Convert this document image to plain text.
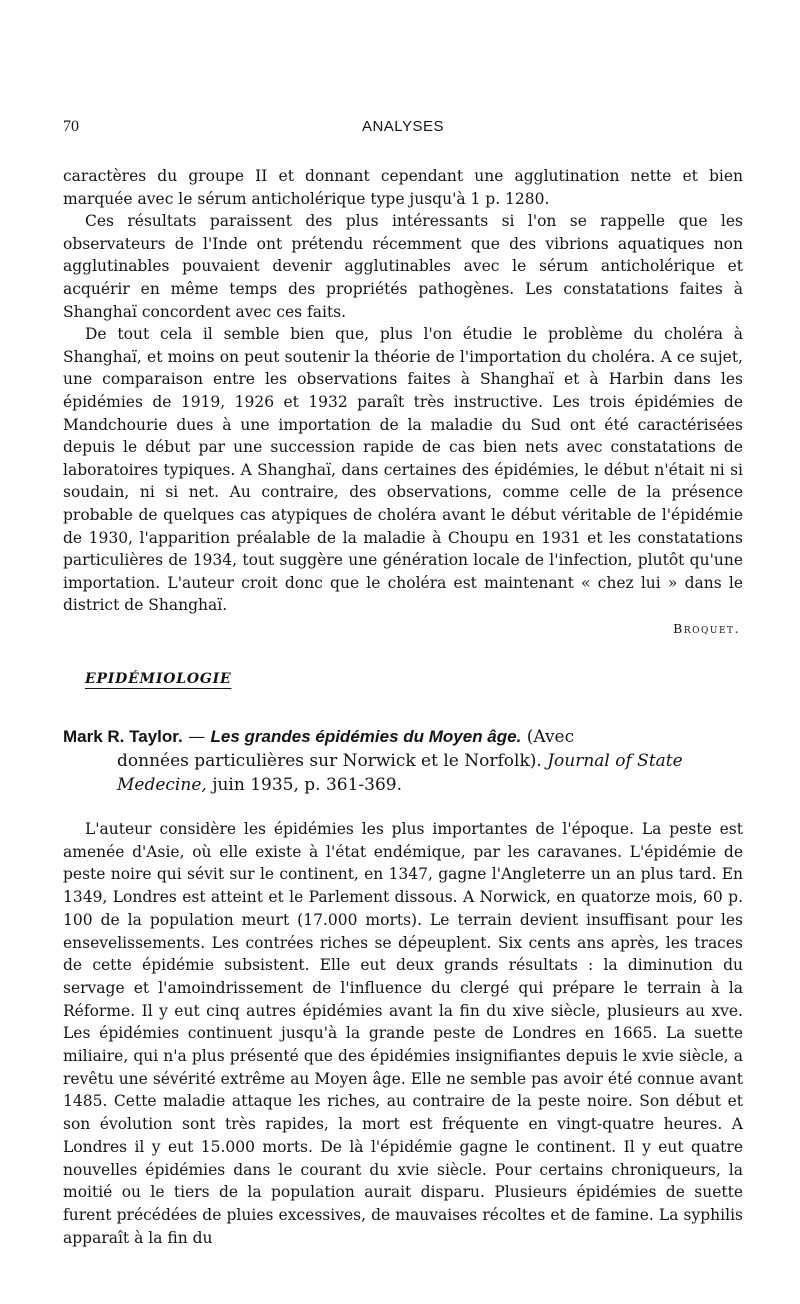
70	ANALYSES

caractères du groupe II et donnant cependant une agglutination nette et bien marquée avec le sérum anticholérique type jusqu'à 1 p. 1280.

Ces résultats paraissent des plus intéressants si l'on se rappelle que les observateurs de l'Inde ont prétendu récemment que des vibrions aquatiques non agglutinables pouvaient devenir agglutinables avec le sérum anticholérique et acquérir en même temps des propriétés pathogènes. Les constatations faites à Shanghaï concordent avec ces faits.

De tout cela il semble bien que, plus l'on étudie le problème du choléra à Shanghaï, et moins on peut soutenir la théorie de l'importation du choléra. A ce sujet, une comparaison entre les observations faites à Shanghaï et à Harbin dans les épidémies de 1919, 1926 et 1932 paraît très instructive. Les trois épidémies de Mandchourie dues à une importation de la maladie du Sud ont été caractérisées depuis le début par une succession rapide de cas bien nets avec constatations de laboratoires typiques. A Shanghaï, dans certaines des épidémies, le début n'était ni si soudain, ni si net. Au contraire, des observations, comme celle de la présence probable de quelques cas atypiques de choléra avant le début véritable de l'épidémie de 1930, l'apparition préalable de la maladie à Choupu en 1931 et les constatations particulières de 1934, tout suggère une génération locale de l'infection, plutôt qu'une importation. L'auteur croit donc que le choléra est maintenant « chez lui » dans le district de Shanghaï.

Broquet.
EPIDÉMIOLOGIE
Mark R. Taylor. — Les grandes épidémies du Moyen âge. (Avec
données particulières sur Norwick et le Norfolk). Journal of State Medecine, juin 1935, p. 361-369.

L'auteur considère les épidémies les plus importantes de l'époque. La peste est amenée d'Asie, où elle existe à l'état endémique, par les caravanes. L'épidémie de peste noire qui sévit sur le continent, en 1347, gagne l'Angleterre un an plus tard. En 1349, Londres est atteint et le Parlement dissous. A Norwick, en quatorze mois, 60 p. 100 de la population meurt (17.000 morts). Le terrain devient insuffisant pour les ensevelissements. Les contrées riches se dépeuplent. Six cents ans après, les traces de cette épidémie subsistent. Elle eut deux grands résultats : la diminution du servage et l'amoindrissement de l'influence du clergé qui prépare le terrain à la Réforme. Il y eut cinq autres épidémies avant la fin du xive siècle, plusieurs au xve. Les épidémies continuent jusqu'à la grande peste de Londres en 1665. La suette miliaire, qui n'a plus présenté que des épidémies insignifiantes depuis le xvie siècle, a revêtu une sévérité extrême au Moyen âge. Elle ne semble pas avoir été connue avant 1485. Cette maladie attaque les riches, au contraire de la peste noire. Son début et son évolution sont très rapides, la mort est fréquente en vingt-quatre heures. A Londres il y eut 15.000 morts. De là l'épidémie gagne le continent. Il y eut quatre nouvelles épidémies dans le courant du xvie siècle. Pour certains chroniqueurs, la moitié ou le tiers de la population aurait disparu. Plusieurs épidémies de suette furent précédées de pluies excessives, de mauvaises récoltes et de famine. La syphilis apparaît à la fin du
